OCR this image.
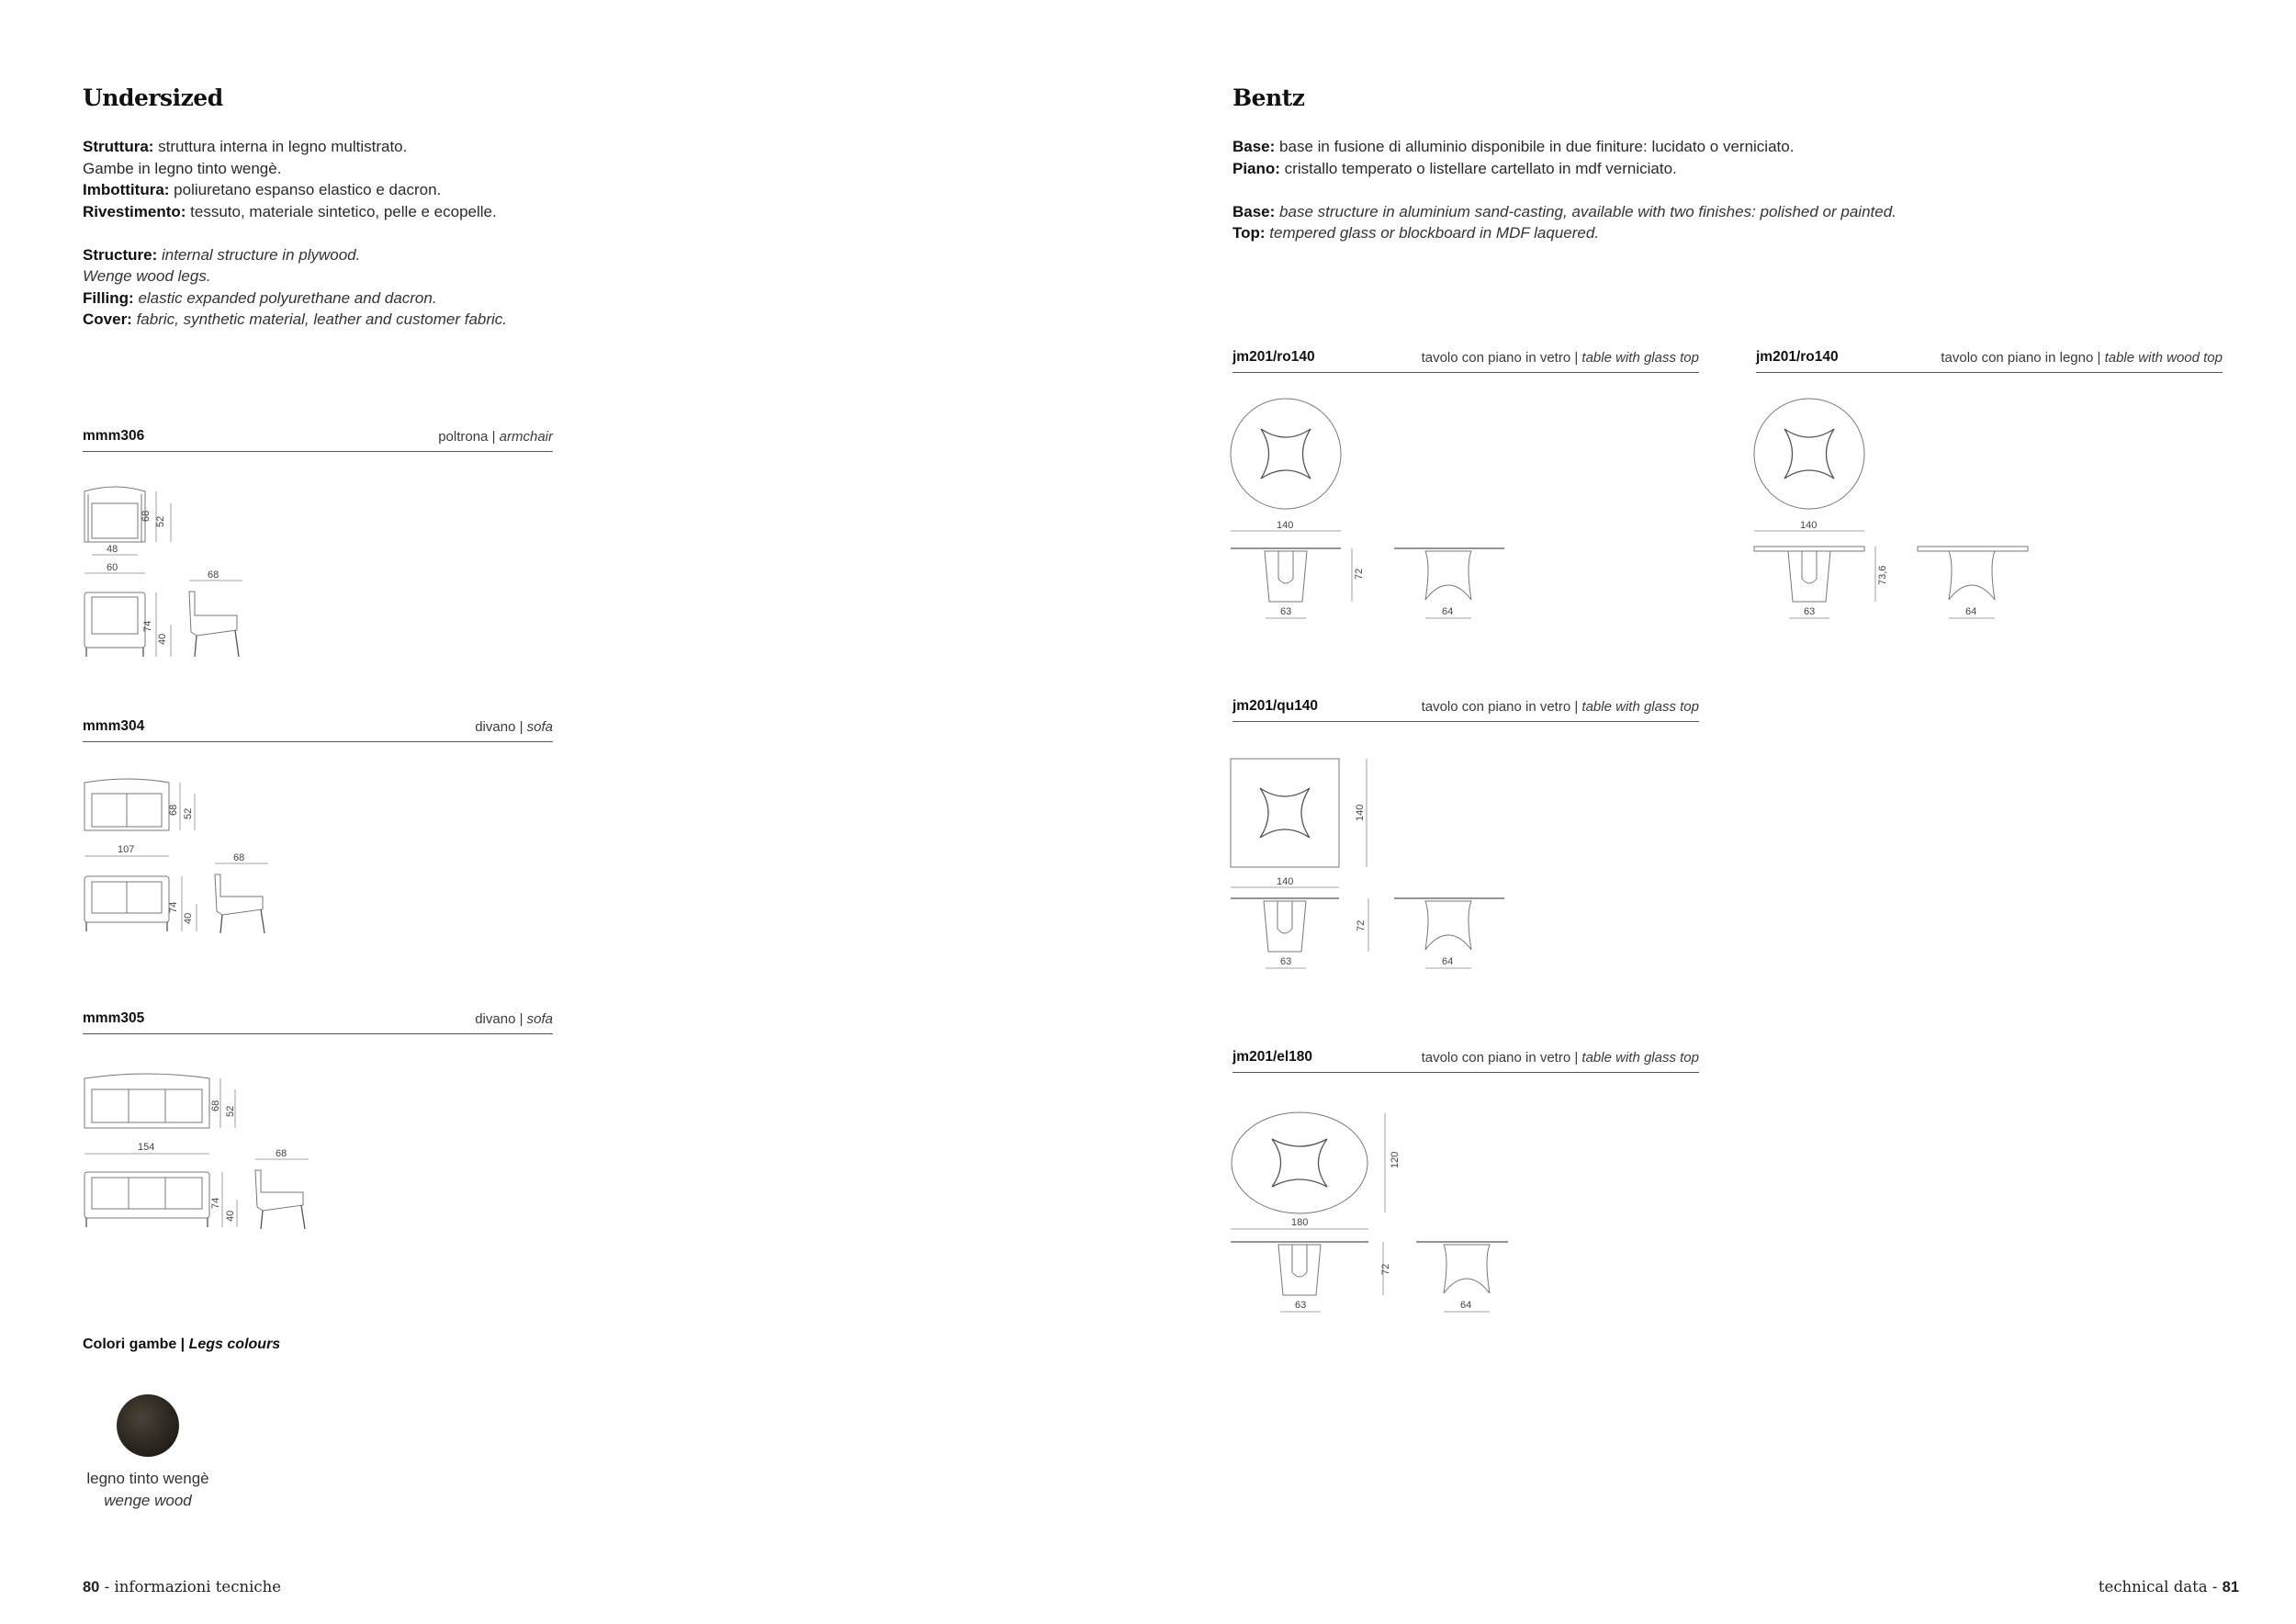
Undersized

Struttura: struttura interna in legno multistrato.

Gambe in legno tinto wengè.

Imbottitura: poliuretano espanso elastico e dacron.

Rivestimento: tessuto, materiale sintetico, pelle e ecopelle.

Structure: internal structure in plywood.

Wenge wood legs.

Filling: elastic expanded polyurethane and dacron.

Cover: fabric, synthetic material, leather and customer fabric.

mmm306	poltrona | armchair
68 52
48
60
74
40
68
mmm304	divano | sofa
68 52
107
74
40
68
mmm305	divano | sofa
68 52
154
74
40
68
Colori gambe | Legs colours
legno tinto wengè
wenge wood
80 - informazioni tecniche
Bentz

Base: base in fusione di alluminio disponibile in due finiture: lucidato o verniciato.

Piano: cristallo temperato o listellare cartellato in mdf verniciato.

Base: base structure in aluminium sand-casting, available with two finishes: polished or painted.

Top: tempered glass or blockboard in MDF laquered.

jm201/ro140	tavolo con piano in vetro | table with glass top
140
72
63	64
jm201/ro140	tavolo con piano in legno | table with wood top
140
73,6
63	64
jm201/qu140	tavolo con piano in vetro | table with glass top
140
140
72
63	64
jm201/el180	tavolo con piano in vetro | table with glass top
120
180
72
63	64
technical data - 81
